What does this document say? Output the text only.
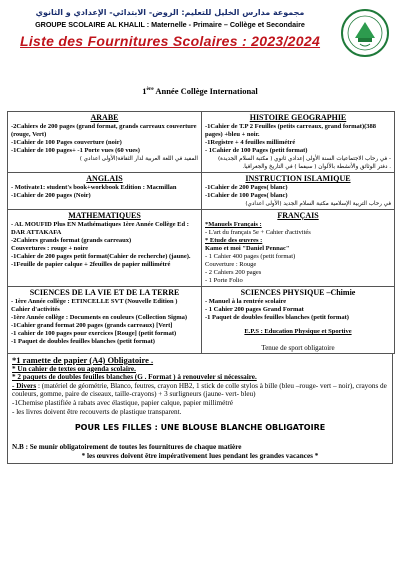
مجموعة مدارس الخليل للتعليم: الروض- الابتدائي- الإعدادي و الثانوي
GROUPE SCOLAIRE AL KHALIL : Maternelle - Primaire – Collège et Secondaire
Liste des Fournitures Scolaires : 2023/2024
1ère Année Collège International
ARABE
-2Cahiers de 200 pages (grand format, grands carreaux couverture (rouge, Vert)
-1Cahier de 100 Pages couverture (noir)
-1Cahier de 100 pages+ -1 Porte vues (60 vues)
المفيد في اللغة العربية لدار الثقافة(الأولى اعدادي )
HISTOIRE GEOGRAPHIE
-1Cahier de T.P 2 Feuilles (petits carreaux, grand format)(388 pages) +bleu + noir.
-1Registre + 4 feuilles millimétré
- 1Cahier de 100 Pages (petit format)
- في رحاب الاجتماعيات السنة الأولى إعدادي ثانوي ( مكتبة السلام الجديدة)
. دفتر الوثائق والأنشطة بالألوان ( سيفما ) في التاريخ والجغرافيا.
ANGLAIS
- Motivate1: student's book+workbook Edition : Macmillan
-1Cahier de 200 pages (Noir)
INSTRUCTION ISLAMIQUE
-1Cahier de 200 Pages( blanc)
-1Cahier de 100 Pages( blanc)
في رحاب التربية الإسلامية مكتبة السلام الجديد (الأولى اعدادي)
MATHEMATIQUES
- AL MOUFID Plus EN Mathématiques 1ère Année Collège Ed : DAR ATTAKAFA
-2Cahiers grands format (grands carreaux)
Couvertures : rouge + noire
-1Cahier de 200 pages petit format(Cahier de recherche) (jaune).
-1Feuille de papier calque + 2feuilles de papier millimétré
FRANÇAIS
*Manuels Français :
- L'art du français 5e + Cahier d'activités
* Etude des œuvres :
Kamo et moi "Daniel Pennac"
- 1 Cahier 400 pages (petit format)
Couverture : Rouge
- 2 Cahiers 200 pages
- 1 Porte Folio
SCIENCES DE LA VIE ET DE LA TERRE
- 1ère Année collège : ETINCELLE SVT (Nouvelle Edition ) Cahier d'activités
-1ère Année collège : Documents en couleurs (Collection Sigma)
-1Cahier grand format 200 pages (grands carreaux) [Vert]
-1 cahier de 100 pages pour exercices [Rouge] (petit format)
-1 Paquet de doubles feuilles blanches (petit format)
SCIENCES PHYSIQUE –Chimie
- Manuel à la rentrée scolaire
- 1 Cahier 200 pages Grand Format
-1 Paquet de doubles feuilles blanches (petit format)
E.P.S : Education Physique et Sportive
Tenue de sport obligatoire
*1 ramette de papier (A4) Obligatoire .
* Un cahier de textes ou agenda scolaire.
* 2 paquets de doubles feuilles blanches (G . Format ) à renouveler si nécessaire.
- Divers : (matériel de géométrie, Blanco, feutres, crayon HB2, 1 stick de colle stylos à bille (bleu –rouge- vert – noir), crayons de couleurs, gomme, paire de ciseaux, taille-crayons) + 3 surligneurs (jaune- vert- bleu)
-1Chemise plastifiée à rabats avec élastique, papier calque, papier millimétré
- les livres doivent être recouverts de plastique transparent.
POUR LES FILLES : UNE BLOUSE BLANCHE OBLIGATOIRE
N.B : Se munir obligatoirement de toutes les fournitures de chaque matière
* les œuvres doivent être impérativement lues pendant les grandes vacances *
